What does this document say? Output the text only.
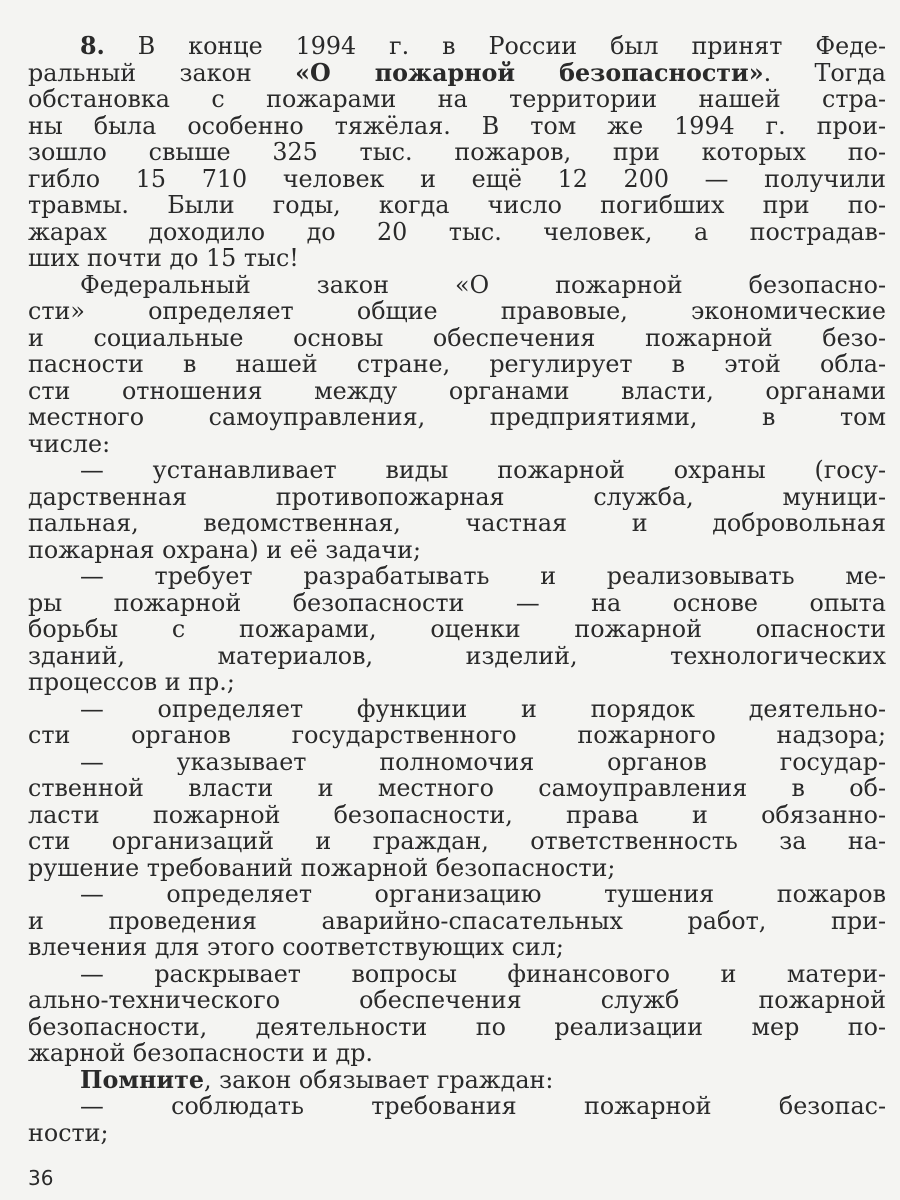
8. В конце 1994 г. в России был принят Феде-
ральный закон «О пожарной безопасности». Тогда
обстановка с пожарами на территории нашей стра-
ны была особенно тяжёлая. В том же 1994 г. прои-
зошло свыше 325 тыс. пожаров, при которых по-
гибло 15 710 человек и ещё 12 200 — получили
травмы. Были годы, когда число погибших при по-
жарах доходило до 20 тыс. человек, а пострадав-
ших почти до 15 тыс!
Федеральный закон «О пожарной безопасно-
сти» определяет общие правовые, экономические
и социальные основы обеспечения пожарной безо-
пасности в нашей стране, регулирует в этой обла-
сти отношения между органами власти, органами
местного самоуправления, предприятиями, в том
числе:
— устанавливает виды пожарной охраны (госу-
дарственная противопожарная служба, муници-
пальная, ведомственная, частная и добровольная
пожарная охрана) и её задачи;
— требует разрабатывать и реализовывать ме-
ры пожарной безопасности — на основе опыта
борьбы с пожарами, оценки пожарной опасности
зданий, материалов, изделий, технологических
процессов и пр.;
— определяет функции и порядок деятельно-
сти органов государственного пожарного надзора;
— указывает полномочия органов государ-
ственной власти и местного самоуправления в об-
ласти пожарной безопасности, права и обязанно-
сти организаций и граждан, ответственность за на-
рушение требований пожарной безопасности;
— определяет организацию тушения пожаров
и проведения аварийно-спасательных работ, при-
влечения для этого соответствующих сил;
— раскрывает вопросы финансового и матери-
ально-технического обеспечения служб пожарной
безопасности, деятельности по реализации мер по-
жарной безопасности и др.
Помните, закон обязывает граждан:
— соблюдать требования пожарной безопас-
ности;
36
